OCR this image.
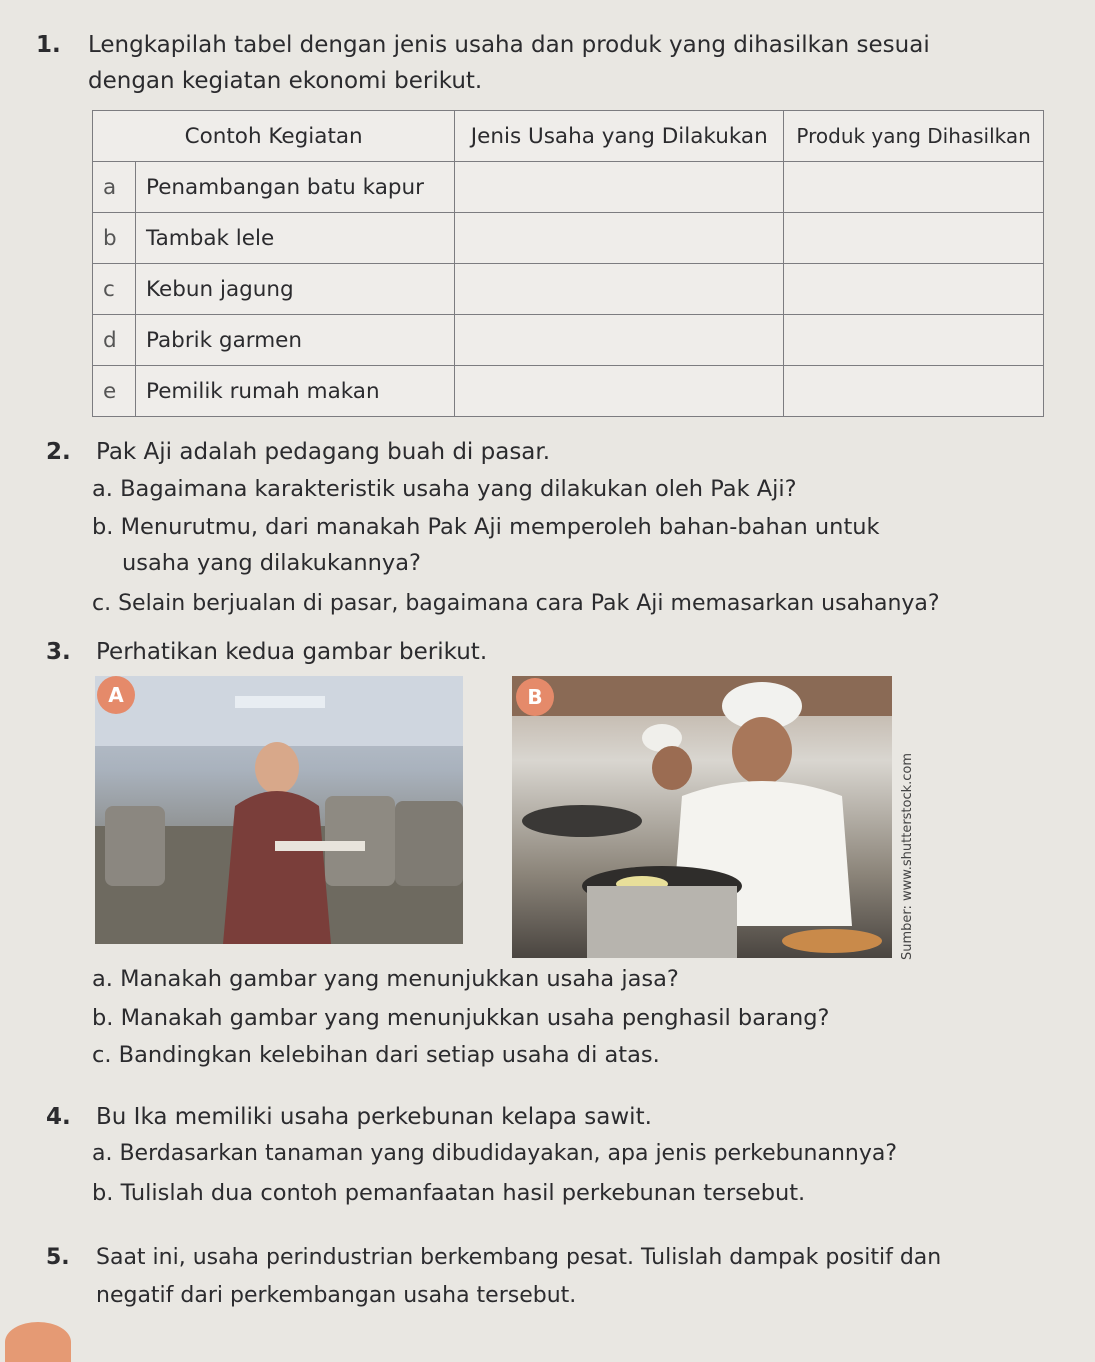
1. Lengkapilah tabel dengan jenis usaha dan produk yang dihasilkan sesuai
dengan kegiatan ekonomi berikut.
Contoh Kegiatan		Jenis Usaha yang Dilakukan	Produk yang Dihasilkan
a	Penambangan batu kapur		
b	Tambak lele		
c	Kebun jagung		
d	Pabrik garmen		
e	Pemilik rumah makan		
2. Pak Aji adalah pedagang buah di pasar.
a. Bagaimana karakteristik usaha yang dilakukan oleh Pak Aji?
b. Menurutmu, dari manakah Pak Aji memperoleh bahan-bahan untuk
usaha yang dilakukannya?
c. Selain berjualan di pasar, bagaimana cara Pak Aji memasarkan usahanya?
3. Perhatikan kedua gambar berikut.
A	B
Sumber: www.shutterstock.com
a. Manakah gambar yang menunjukkan usaha jasa?
b. Manakah gambar yang menunjukkan usaha penghasil barang?
c. Bandingkan kelebihan dari setiap usaha di atas.
4. Bu Ika memiliki usaha perkebunan kelapa sawit.
a. Berdasarkan tanaman yang dibudidayakan, apa jenis perkebunannya?
b. Tulislah dua contoh pemanfaatan hasil perkebunan tersebut.
5. Saat ini, usaha perindustrian berkembang pesat. Tulislah dampak positif dan
negatif dari perkembangan usaha tersebut.
